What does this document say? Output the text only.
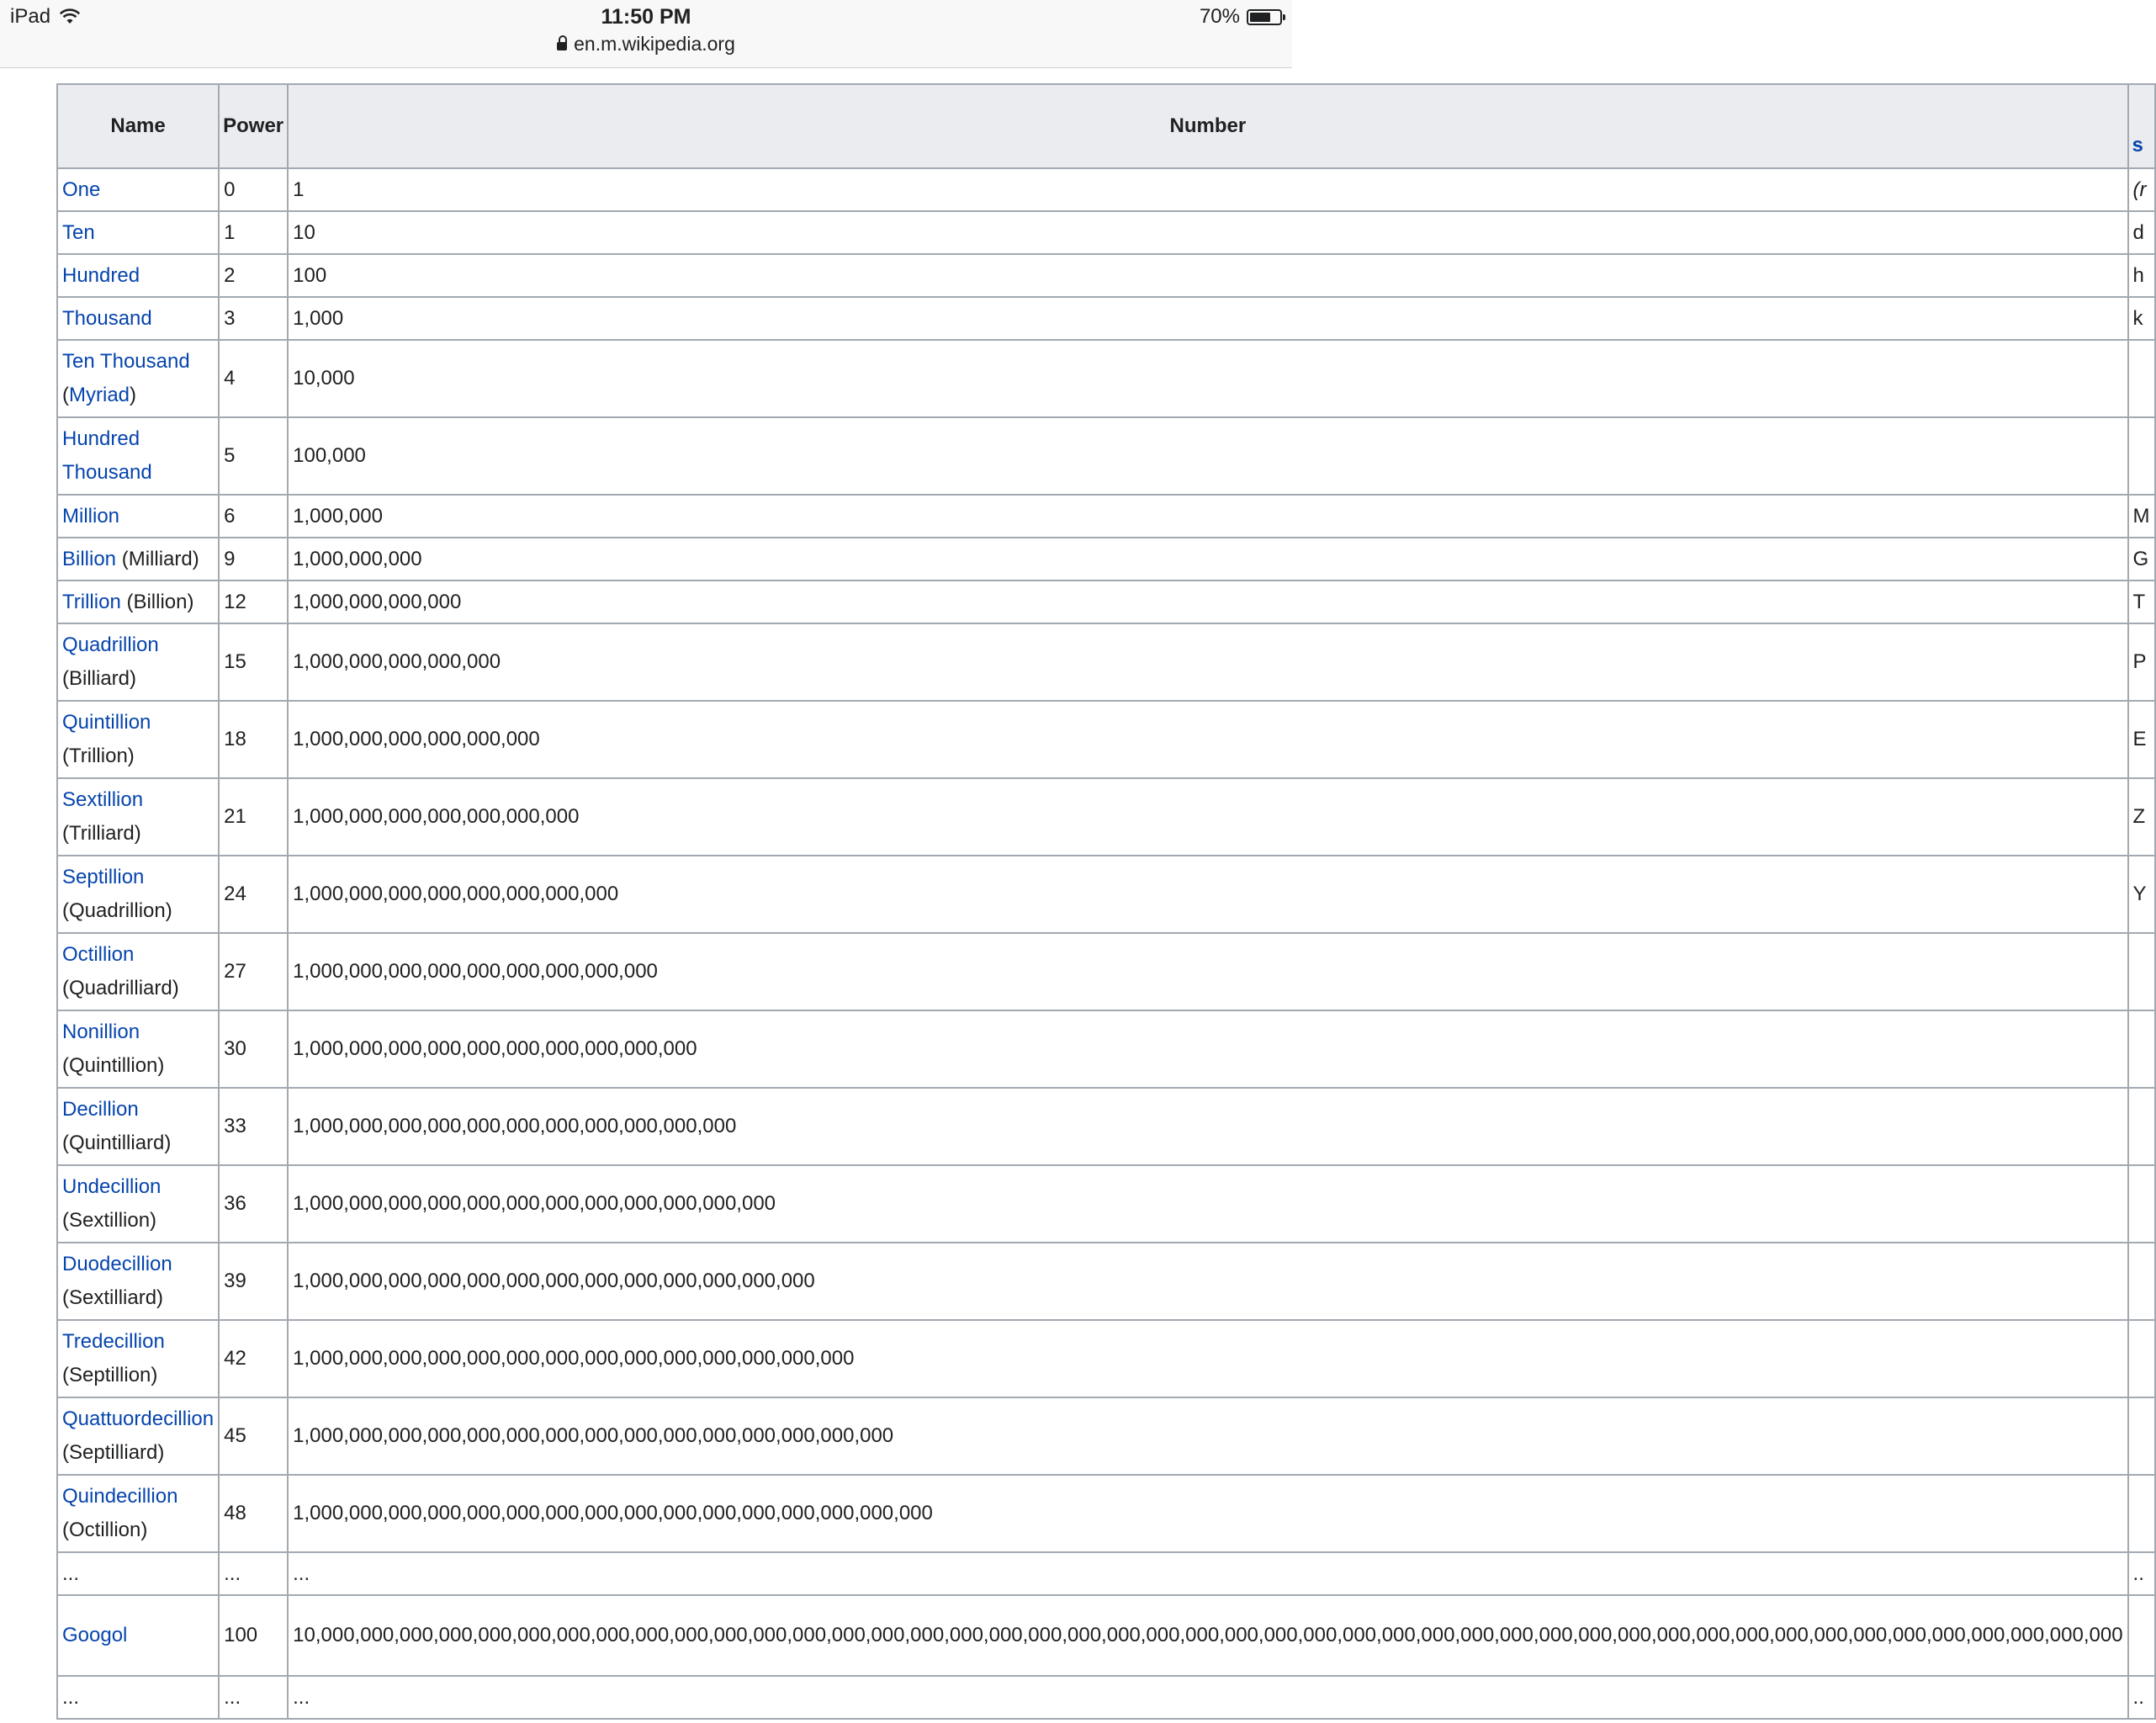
iPad	11:50 PM
en.m.wikipedia.org
70%
Name	Power	Number	s
One	0	1	(r
Ten	1	10	d
Hundred	2	100	h
Thousand	3	1,000	k
Ten Thousand
(Myriad)	4	10,000	
Hundred
Thousand	5	100,000	
Million	6	1,000,000	M
Billion (Milliard)	9	1,000,000,000	G
Trillion (Billion)	12	1,000,000,000,000	T
Quadrillion
(Billiard)	15	1,000,000,000,000,000	P
Quintillion
(Trillion)	18	1,000,000,000,000,000,000	E
Sextillion
(Trilliard)	21	1,000,000,000,000,000,000,000	Z
Septillion
(Quadrillion)	24	1,000,000,000,000,000,000,000,000	Y
Octillion
(Quadrilliard)	27	1,000,000,000,000,000,000,000,000,000	
Nonillion
(Quintillion)	30	1,000,000,000,000,000,000,000,000,000,000	
Decillion
(Quintilliard)	33	1,000,000,000,000,000,000,000,000,000,000,000	
Undecillion
(Sextillion)	36	1,000,000,000,000,000,000,000,000,000,000,000,000	
Duodecillion
(Sextilliard)	39	1,000,000,000,000,000,000,000,000,000,000,000,000,000	
Tredecillion
(Septillion)	42	1,000,000,000,000,000,000,000,000,000,000,000,000,000,000	
Quattuordecillion
(Septilliard)	45	1,000,000,000,000,000,000,000,000,000,000,000,000,000,000,000	
Quindecillion
(Octillion)	48	1,000,000,000,000,000,000,000,000,000,000,000,000,000,000,000,000	
...	...	...	..
Googol	100	10,000,000,000,000,000,000,000,000,000,000,000,000,000,000,000,000,000,000,000,000,000,000,000,000,000,000,000,000,000,000,000,000,000,000,000,000,000,000,000,000,000,000,000,000,000,000	
...	...	...	..
